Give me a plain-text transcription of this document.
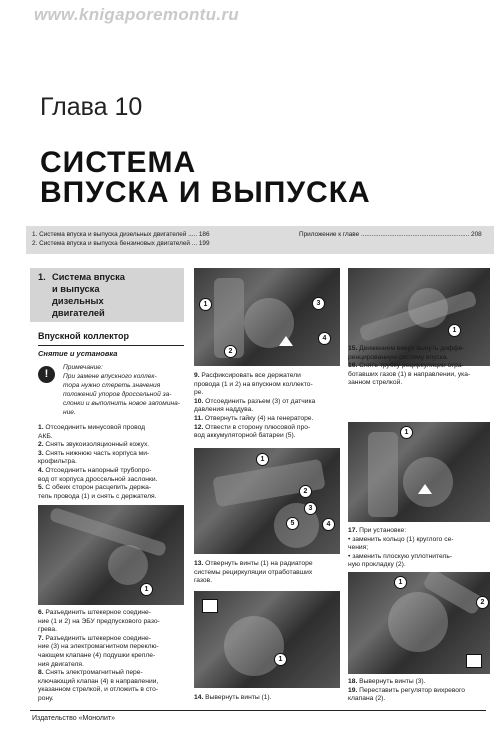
www.knigaporemontu.ru
Глава 10
СИСТЕМА
ВПУСКА И ВЫПУСКА
1. Система впуска и выпуска дизельных двигателей ..... 186
2. Система впуска и выпуска бензиновых двигателей ... 199
Приложение к главе ............................................................. 208
1. Система впуска
и выпуска
дизельных
двигателей
Впускной коллектор
Снятие и установка
!
Примечание:
При замене впускного коллек-
тора нужно стереть значения
положений упоров дроссельной за-
слонки и выполнить новое запомина-
ние.

1. Отсоединить минусовой провод

АКБ.

2. Снять звукоизоляционный кожух.

3. Снять нижнюю часть корпуса ми-

крофильтра.

4. Отсоединить напорный трубопро-

вод от корпуса дроссельной заслонки.

5. С обеих сторон расцепить держа-

тель провода (1) и снять с держателя.

1

6. Разъединить штекерное соедине-

ние (1 и 2) на ЭБУ предпускового разо-

грева.

7. Разъединить штекерное соедине-

ние (3) на электромагнитном переклю-

чающем клапане (4) подушки крепле-

ния двигателя.

8. Снять электромагнитный пере-

ключающий клапан (4) в направлении,

указанном стрелкой, и отложить в сто-

рону.

1
2
3
4

9. Расфиксировать все держатели

провода (1 и 2) на впускном коллекто-

ре.

10. Отсоединить разъем (3) от датчика

давления наддува.

11. Отвернуть гайку (4) на генераторе.

12. Отвести в сторону плюсовой про-

вод аккумуляторной батареи (5).

1
2
3
4
5

13. Отвернуть винты (1) на радиаторе

системы рециркуляции отработавших

газов.

1

14. Вывернуть винты (1).

1

15. Движением вверх вынуть диффе-

ренцированную систему впуска.

16. Снять трубку рециркуляции отра-

ботавших газов (1) в направлении, ука-

занном стрелкой.

1

17. При установке:

• заменить кольцо (1) круглого се-

чения;

• заменить плоскую уплотнитель-

ную прокладку (2).

1
2

18. Вывернуть винты (3).

19. Переставить регулятор вихревого

клапана (2).

Издательство «Монолит»
